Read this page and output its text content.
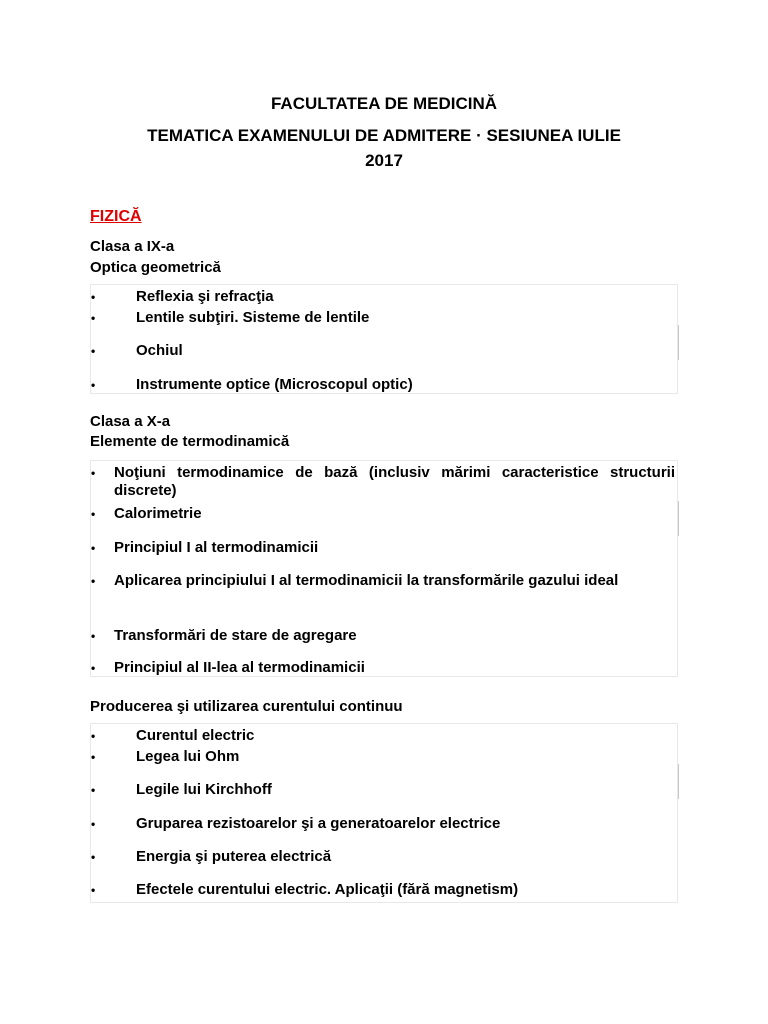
FACULTATEA DE MEDICINĂ
TEMATICA EXAMENULUI DE ADMITERE · SESIUNEA IULIE
2017
FIZICĂ
Clasa a IX-a
Optica geometrică
•	Reflexia şi refracţia
•	Lentile subţiri. Sisteme de lentile
•	Ochiul
•	Instrumente optice (Microscopul optic)
Clasa a X-a
Elemente de termodinamică
• Noţiuni termodinamice de bază (inclusiv mărimi caracteristice structurii discrete)
• Calorimetrie
• Principiul I al termodinamicii
• Aplicarea principiului I al termodinamicii la transformările gazului ideal
• Transformări de stare de agregare
• Principiul al II-lea al termodinamicii
Producerea şi utilizarea curentului continuu
•	Curentul electric
•	Legea lui Ohm
•	Legile lui Kirchhoff
•	Gruparea rezistoarelor şi a generatoarelor electrice
•	Energia şi puterea electrică
•	Efectele curentului electric. Aplicaţii (fără magnetism)
